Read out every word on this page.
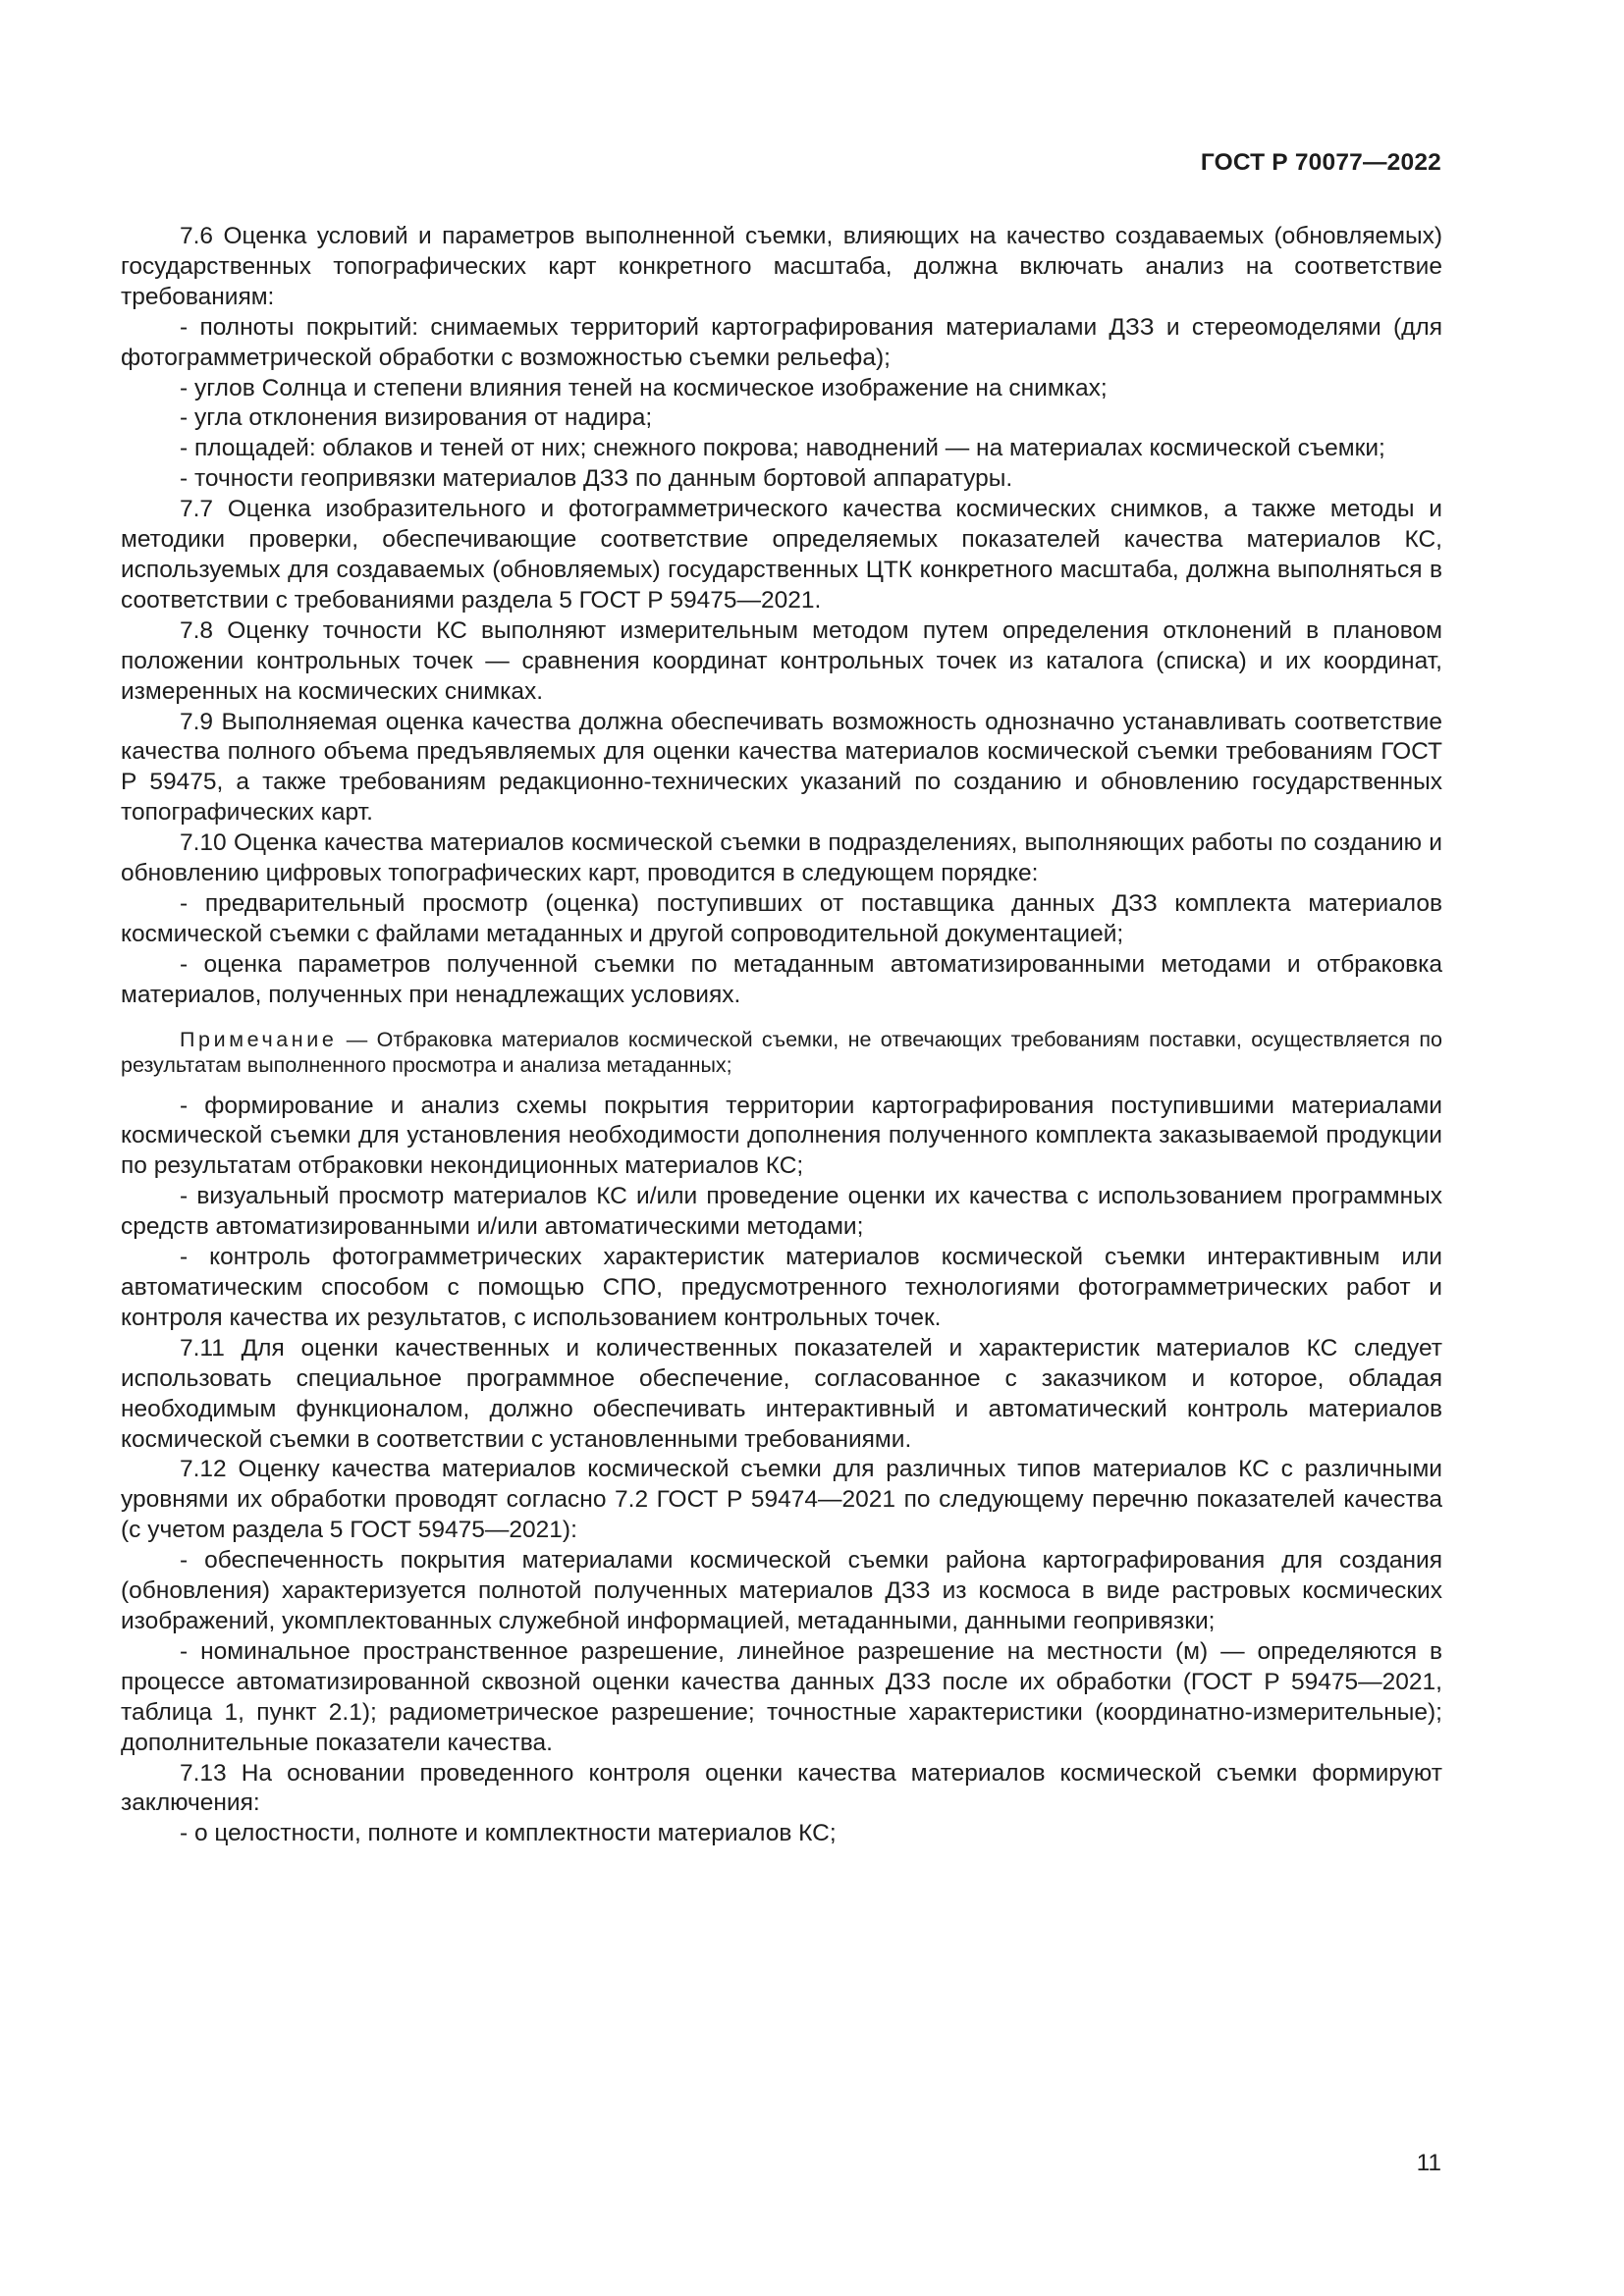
ГОСТ Р 70077—2022

7.6 Оценка условий и параметров выполненной съемки, влияющих на качество создаваемых (обновляемых) государственных топографических карт конкретного масштаба, должна включать анализ на соответствие требованиям:

- полноты покрытий: снимаемых территорий картографирования материалами ДЗЗ и стереомоделями (для фотограмметрической обработки с возможностью съемки рельефа);

- углов Солнца и степени влияния теней на космическое изображение на снимках;

- угла отклонения визирования от надира;

- площадей: облаков и теней от них; снежного покрова; наводнений — на материалах космической съемки;

- точности геопривязки материалов ДЗЗ по данным бортовой аппаратуры.

7.7 Оценка изобразительного и фотограмметрического качества космических снимков, а также методы и методики проверки, обеспечивающие соответствие определяемых показателей качества материалов КС, используемых для создаваемых (обновляемых) государственных ЦТК конкретного масштаба, должна выполняться в соответствии с требованиями раздела 5 ГОСТ Р 59475—2021.

7.8 Оценку точности КС выполняют измерительным методом путем определения отклонений в плановом положении контрольных точек — сравнения координат контрольных точек из каталога (списка) и их координат, измеренных на космических снимках.

7.9 Выполняемая оценка качества должна обеспечивать возможность однозначно устанавливать соответствие качества полного объема предъявляемых для оценки качества материалов космической съемки требованиям ГОСТ Р 59475, а также требованиям редакционно-технических указаний по созданию и обновлению государственных топографических карт.

7.10 Оценка качества материалов космической съемки в подразделениях, выполняющих работы по созданию и обновлению цифровых топографических карт, проводится в следующем порядке:

- предварительный просмотр (оценка) поступивших от поставщика данных ДЗЗ комплекта материалов космической съемки с файлами метаданных и другой сопроводительной документацией;

- оценка параметров полученной съемки по метаданным автоматизированными методами и отбраковка материалов, полученных при ненадлежащих условиях.

Примечание — Отбраковка материалов космической съемки, не отвечающих требованиям поставки, осуществляется по результатам выполненного просмотра и анализа метаданных;

- формирование и анализ схемы покрытия территории картографирования поступившими материалами космической съемки для установления необходимости дополнения полученного комплекта заказываемой продукции по результатам отбраковки некондиционных материалов КС;

- визуальный просмотр материалов КС и/или проведение оценки их качества с использованием программных средств автоматизированными и/или автоматическими методами;

- контроль фотограмметрических характеристик материалов космической съемки интерактивным или автоматическим способом с помощью СПО, предусмотренного технологиями фотограмметрических работ и контроля качества их результатов, с использованием контрольных точек.

7.11 Для оценки качественных и количественных показателей и характеристик материалов КС следует использовать специальное программное обеспечение, согласованное с заказчиком и которое, обладая необходимым функционалом, должно обеспечивать интерактивный и автоматический контроль материалов космической съемки в соответствии с установленными требованиями.

7.12 Оценку качества материалов космической съемки для различных типов материалов КС с различными уровнями их обработки проводят согласно 7.2 ГОСТ Р 59474—2021 по следующему перечню показателей качества (с учетом раздела 5 ГОСТ 59475—2021):

- обеспеченность покрытия материалами космической съемки района картографирования для создания (обновления) характеризуется полнотой полученных материалов ДЗЗ из космоса в виде растровых космических изображений, укомплектованных служебной информацией, метаданными, данными геопривязки;

- номинальное пространственное разрешение, линейное разрешение на местности (м) — определяются в процессе автоматизированной сквозной оценки качества данных ДЗЗ после их обработки (ГОСТ Р 59475—2021, таблица 1, пункт 2.1); радиометрическое разрешение; точностные характеристики (координатно-измерительные); дополнительные показатели качества.

7.13 На основании проведенного контроля оценки качества материалов космической съемки формируют заключения:

- о целостности, полноте и комплектности материалов КС;

11
